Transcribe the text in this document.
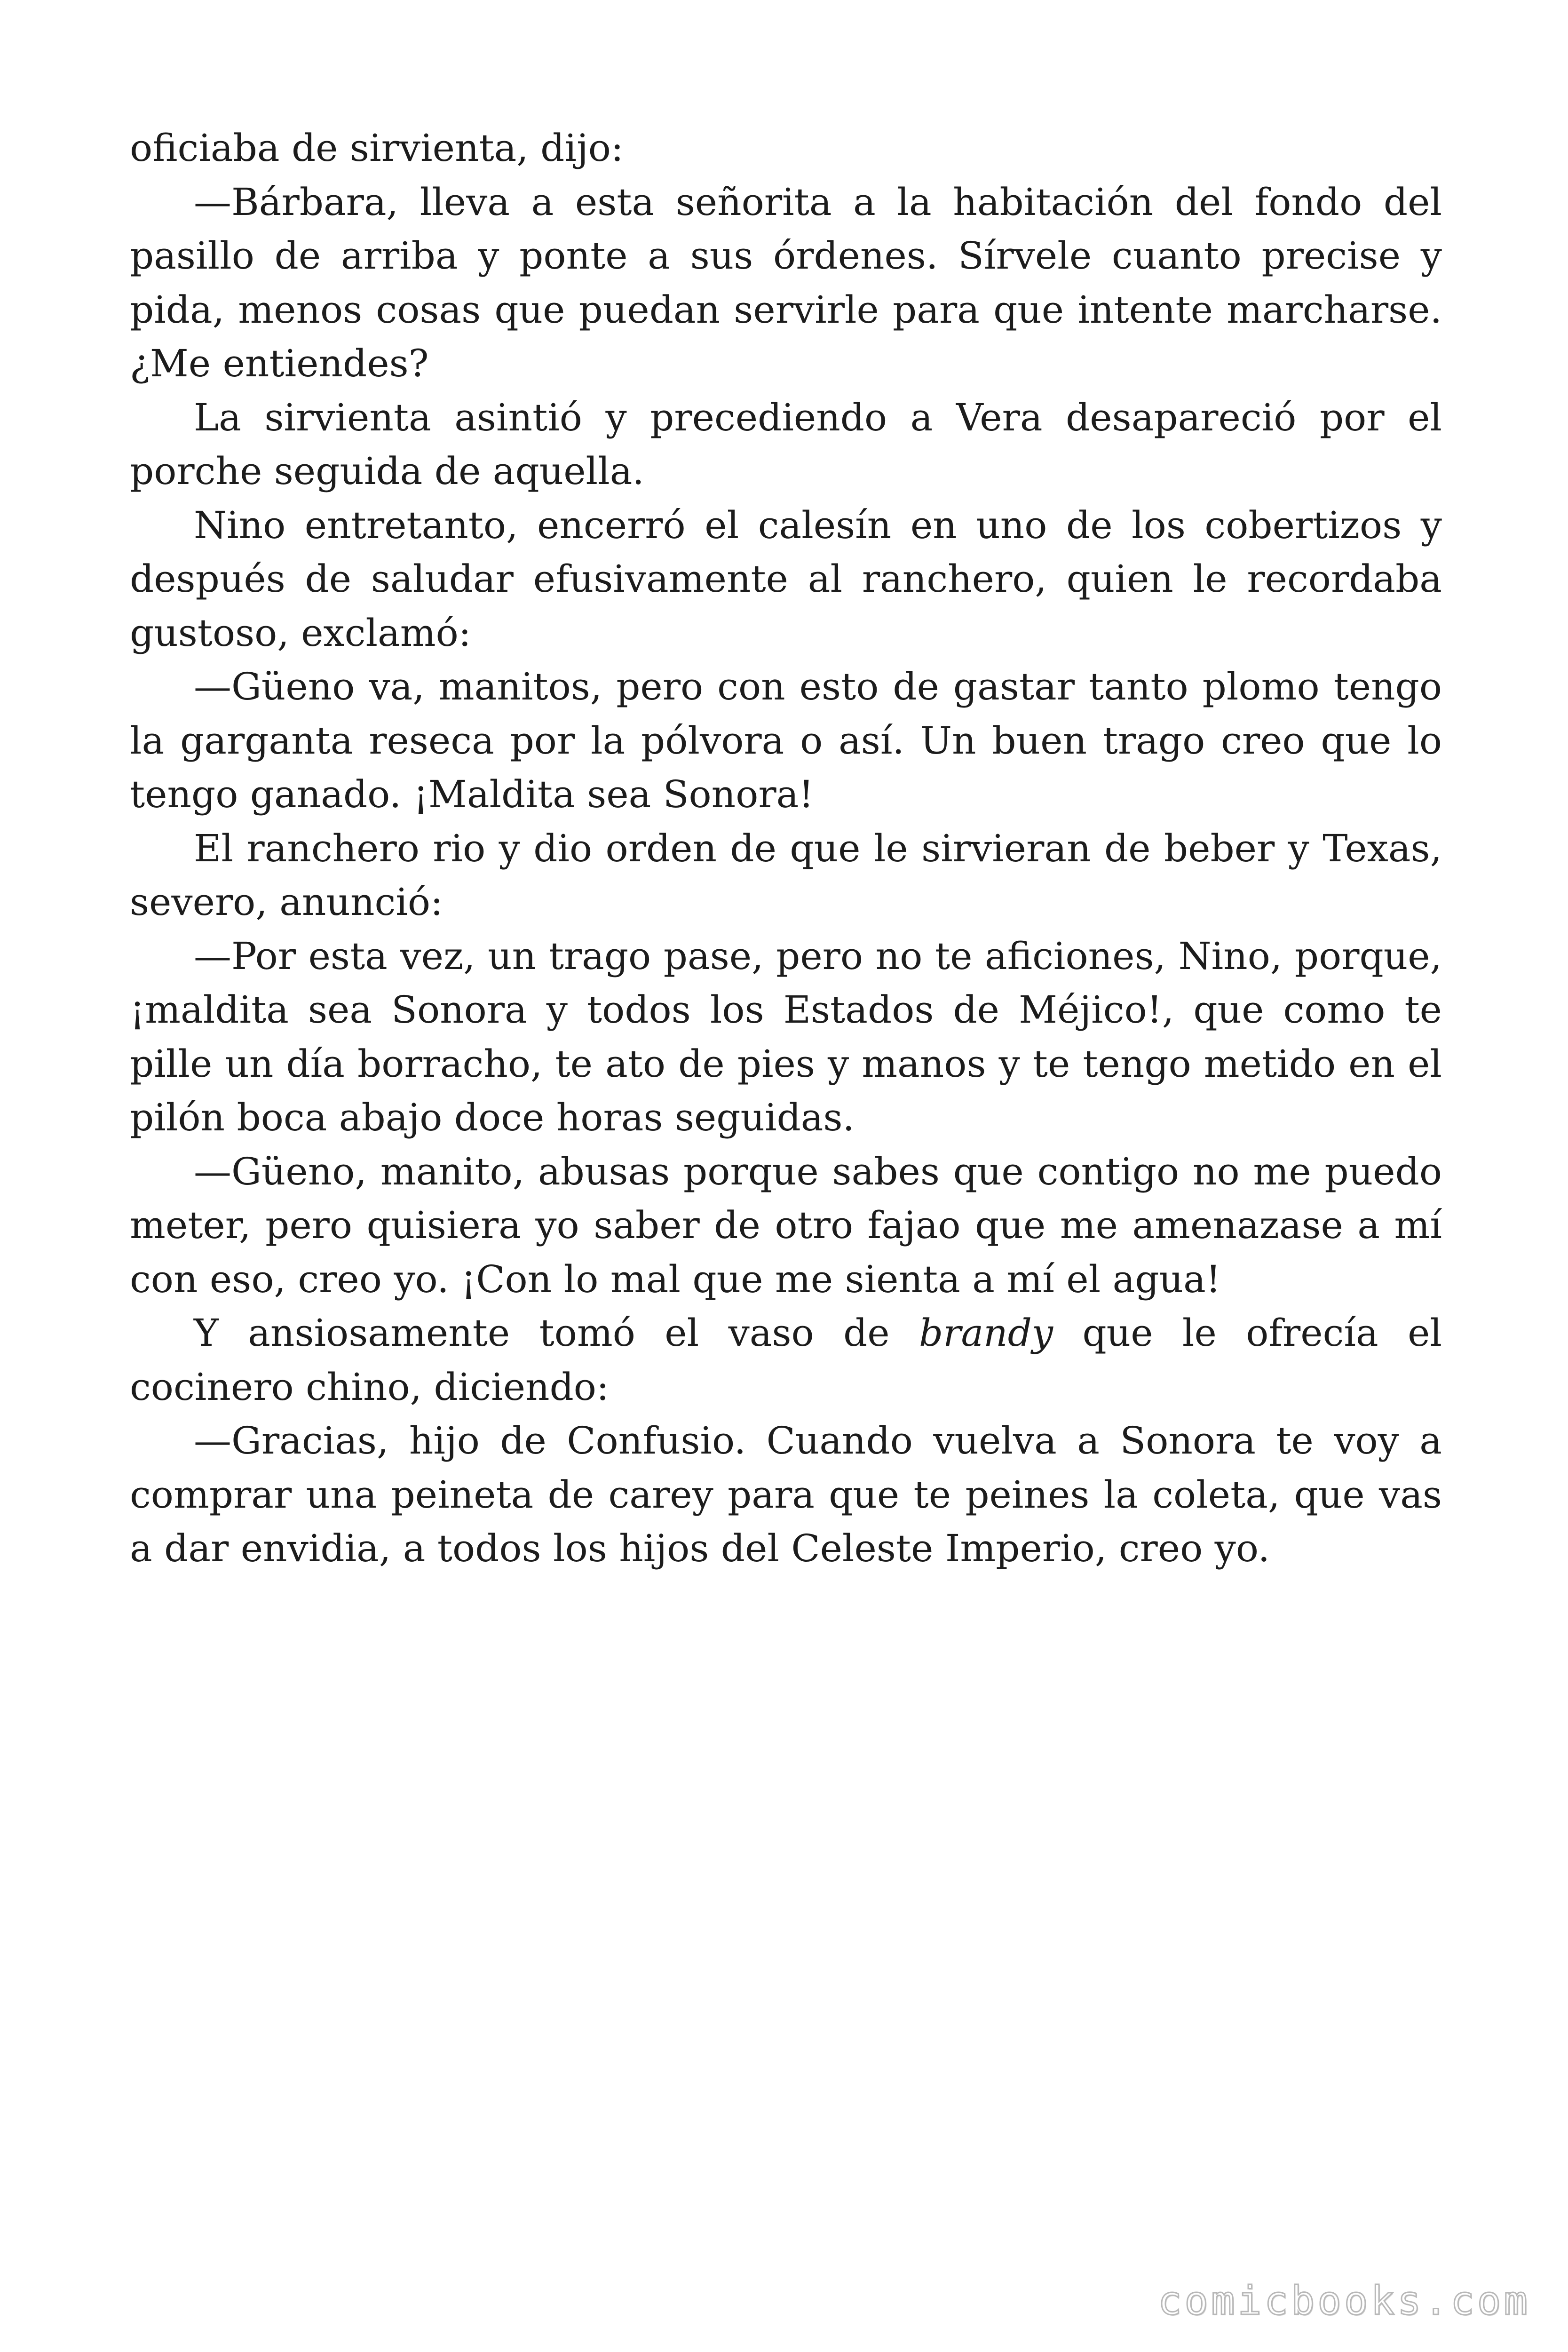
oficiaba de sirvienta, dijo:

—Bárbara, lleva a esta señorita a la habitación del fondo del pasillo de arriba y ponte a sus órdenes. Sírvele cuanto precise y pida, menos cosas que puedan servirle para que intente marcharse. ¿Me entiendes?

La sirvienta asintió y precediendo a Vera desapareció por el porche seguida de aquella.

Nino entretanto, encerró el calesín en uno de los cobertizos y después de saludar efusivamente al ranchero, quien le recordaba gustoso, exclamó:

—Güeno va, manitos, pero con esto de gastar tanto plomo tengo la garganta reseca por la pólvora o así. Un buen trago creo que lo tengo ganado. ¡Maldita sea Sonora!

El ranchero rio y dio orden de que le sirvieran de beber y Texas, severo, anunció:

—Por esta vez, un trago pase, pero no te aficiones, Nino, porque, ¡maldita sea Sonora y todos los Estados de Méjico!, que como te pille un día borracho, te ato de pies y manos y te tengo metido en el pilón boca abajo doce horas seguidas.

—Güeno, manito, abusas porque sabes que contigo no me puedo meter, pero quisiera yo saber de otro fajao que me amenazase a mí con eso, creo yo. ¡Con lo mal que me sienta a mí el agua!

Y ansiosamente tomó el vaso de brandy que le ofrecía el cocinero chino, diciendo:

—Gracias, hijo de Confusio. Cuando vuelva a Sonora te voy a comprar una peineta de carey para que te peines la coleta, que vas a dar envidia, a todos los hijos del Celeste Imperio, creo yo.

comicbooks.com
